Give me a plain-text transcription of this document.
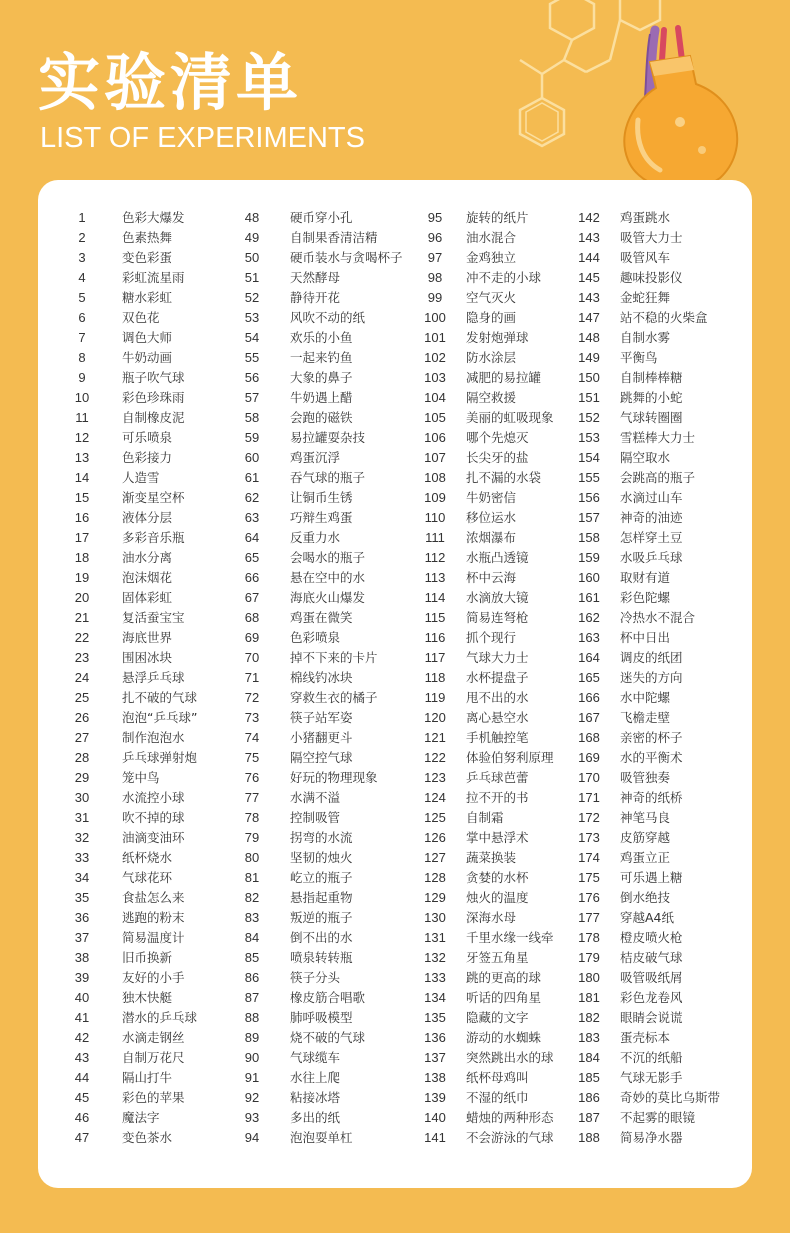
实验清单
LIST OF EXPERIMENTS
1	色彩大爆发
2	色素热舞
3	变色彩蛋
4	彩虹流星雨
5	糖水彩虹
6	双色花
7	调色大师
8	牛奶动画
9	瓶子吹气球
10	彩色珍珠雨
11	自制橡皮泥
12	可乐喷泉
13	色彩接力
14	人造雪
15	渐变星空杯
16	液体分层
17	多彩音乐瓶
18	油水分离
19	泡沫烟花
20	固体彩虹
21	复活蚕宝宝
22	海底世界
23	围困冰块
24	悬浮乒乓球
25	扎不破的气球
26	泡泡“乒乓球”
27	制作泡泡水
28	乒乓球弹射炮
29	笼中鸟
30	水流控小球
31	吹不掉的球
32	油滴变油环
33	纸杯烧水
34	气球花环
35	食盐怎么来
36	逃跑的粉末
37	简易温度计
38	旧币换新
39	友好的小手
40	独木快艇
41	潜水的乒乓球
42	水滴走钢丝
43	自制万花尺
44	隔山打牛
45	彩色的苹果
46	魔法字
47	变色茶水
48 硬币穿小孔
49 自制果香清洁精
50 硬币装水与贪喝杯子
51 天然酵母
52 静待开花
53 风吹不动的纸
54 欢乐的小鱼
55 一起来钓鱼
56 大象的鼻子
57 牛奶遇上醋
58 会跑的磁铁
59 易拉罐耍杂技
60 鸡蛋沉浮
61 吞气球的瓶子
62 让铜币生锈
63 巧辩生鸡蛋
64 反重力水
65 会喝水的瓶子
66 悬在空中的水
67 海底火山爆发
68 鸡蛋在微笑
69 色彩喷泉
70 掉不下来的卡片
71 棉线钓冰块
72 穿救生衣的橘子
73 筷子站军姿
74 小猪翻更斗
75 隔空控气球
76 好玩的物理现象
77 水满不溢
78 控制吸管
79 拐弯的水流
80 坚韧的烛火
81 屹立的瓶子
82 悬指起重物
83 叛逆的瓶子
84 倒不出的水
85 喷泉转转瓶
86 筷子分头
87 橡皮筋合唱歌
88 肺呼吸模型
89 烧不破的气球
90 气球缆车
91 水往上爬
92 粘接冰塔
93 多出的纸
94 泡泡耍单杠
95 旋转的纸片
96 油水混合
97 金鸡独立
98 冲不走的小球
99 空气灭火
100 隐身的画
101 发射炮弹球
102 防水涂层
103 减肥的易拉罐
104 隔空救援
105 美丽的虹吸现象
106 哪个先熄灭
107 长尖牙的盐
108 扎不漏的水袋
109 牛奶密信
110 移位运水
111 浓烟瀑布
112 水瓶凸透镜
113 杯中云海
114 水滴放大镜
115 简易连弩枪
116 抓个现行
117 气球大力士
118 水杯提盘子
119 甩不出的水
120 离心悬空水
121 手机触控笔
122 体验伯努利原理
123 乒乓球芭蕾
124 拉不开的书
125 自制霜
126 掌中悬浮术
127 蔬菜换装
128 贪婪的水杯
129 烛火的温度
130 深海水母
131 千里水缘一线牵
132 牙签五角星
133 跳的更高的球
134 听话的四角星
135 隐藏的文字
136 游动的水蜘蛛
137 突然跳出水的球
138 纸杯母鸡叫
139 不湿的纸巾
140 蜡烛的两种形态
141 不会游泳的气球
142 鸡蛋跳水
143 吸管大力士
144 吸管风车
145 趣味投影仪
143 金蛇狂舞
147 站不稳的火柴盒
148 自制水雾
149 平衡鸟
150 自制棒棒糖
151 跳舞的小蛇
152 气球转圈圈
153 雪糕棒大力士
154 隔空取水
155 会跳高的瓶子
156 水滴过山车
157 神奇的油迹
158 怎样穿土豆
159 水吸乒乓球
160 取财有道
161 彩色陀螺
162 冷热水不混合
163 杯中日出
164 调皮的纸团
165 迷失的方向
166 水中陀螺
167 飞檐走壁
168 亲密的杯子
169 水的平衡术
170 吸管独奏
171 神奇的纸桥
172 神笔马良
173 皮筋穿越
174 鸡蛋立正
175 可乐遇上糖
176 倒水绝技
177 穿越A4纸
178 橙皮喷火枪
179 桔皮破气球
180 吸管吸纸屑
181 彩色龙卷风
182 眼睛会说谎
183 蛋壳标本
184 不沉的纸船
185 气球无影手
186 奇妙的莫比乌斯带
187 不起雾的眼镜
188 简易净水器
